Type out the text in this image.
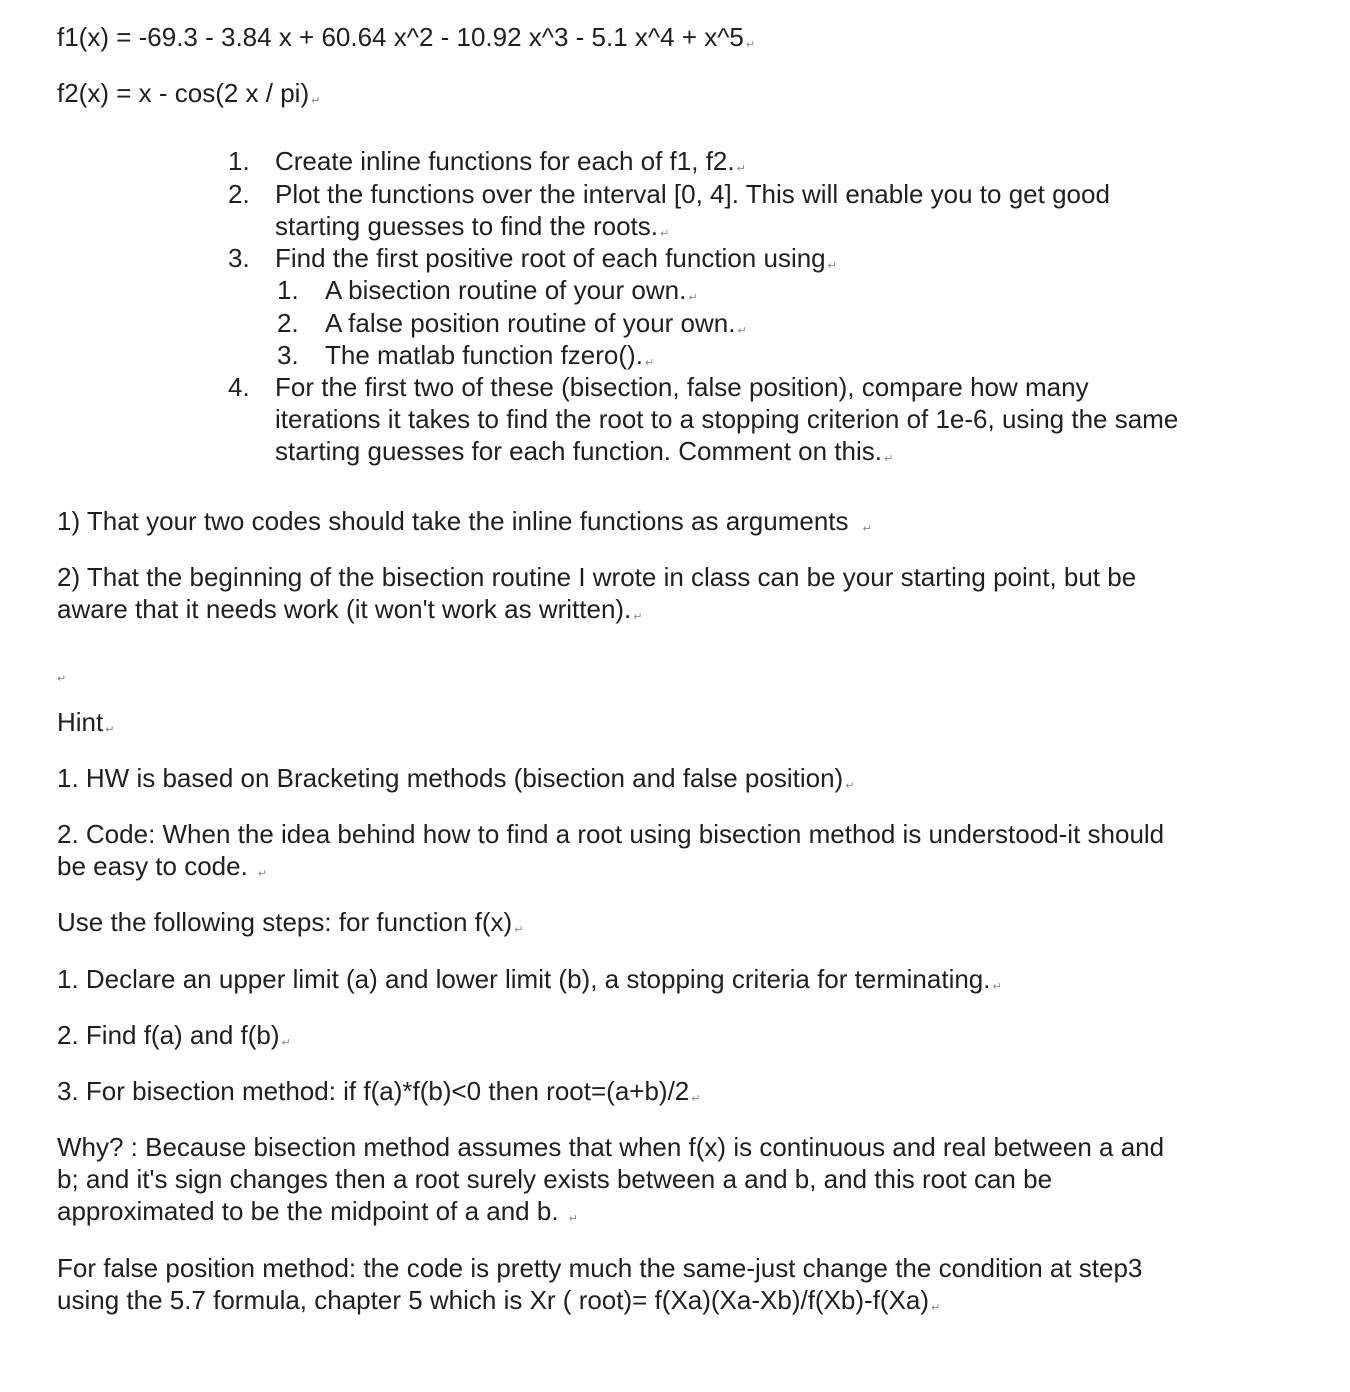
f1(x) = -69.3 - 3.84 x + 60.64 x^2 - 10.92 x^3 - 5.1 x^4 + x^5 ↵
f2(x) = x - cos(2 x / pi) ↵
1. Create inline functions for each of f1, f2. ↵
2. Plot the functions over the interval [0, 4]. This will enable you to get good
starting guesses to find the roots. ↵
3. Find the first positive root of each function using ↵
1. A bisection routine of your own. ↵
2. A false position routine of your own. ↵
3. The matlab function fzero(). ↵
4. For the first two of these (bisection, false position), compare how many
iterations it takes to find the root to a stopping criterion of 1e-6, using the same
starting guesses for each function. Comment on this. ↵
1) That your two codes should take the inline functions as arguments ↵
2) That the beginning of the bisection routine I wrote in class can be your starting point, but be
aware that it needs work (it won't work as written). ↵
↵
Hint ↵
1. HW is based on Bracketing methods (bisection and false position) ↵
2. Code: When the idea behind how to find a root using bisection method is understood-it should
be easy to code. ↵
Use the following steps: for function f(x) ↵
1. Declare an upper limit (a) and lower limit (b), a stopping criteria for terminating. ↵
2. Find f(a) and f(b) ↵
3. For bisection method: if f(a)*f(b)<0 then root=(a+b)/2 ↵
Why? : Because bisection method assumes that when f(x) is continuous and real between a and
b; and it's sign changes then a root surely exists between a and b, and this root can be
approximated to be the midpoint of a and b. ↵
For false position method: the code is pretty much the same-just change the condition at step3
using the 5.7 formula, chapter 5 which is Xr ( root)= f(Xa)(Xa-Xb)/f(Xb)-f(Xa) ↵
